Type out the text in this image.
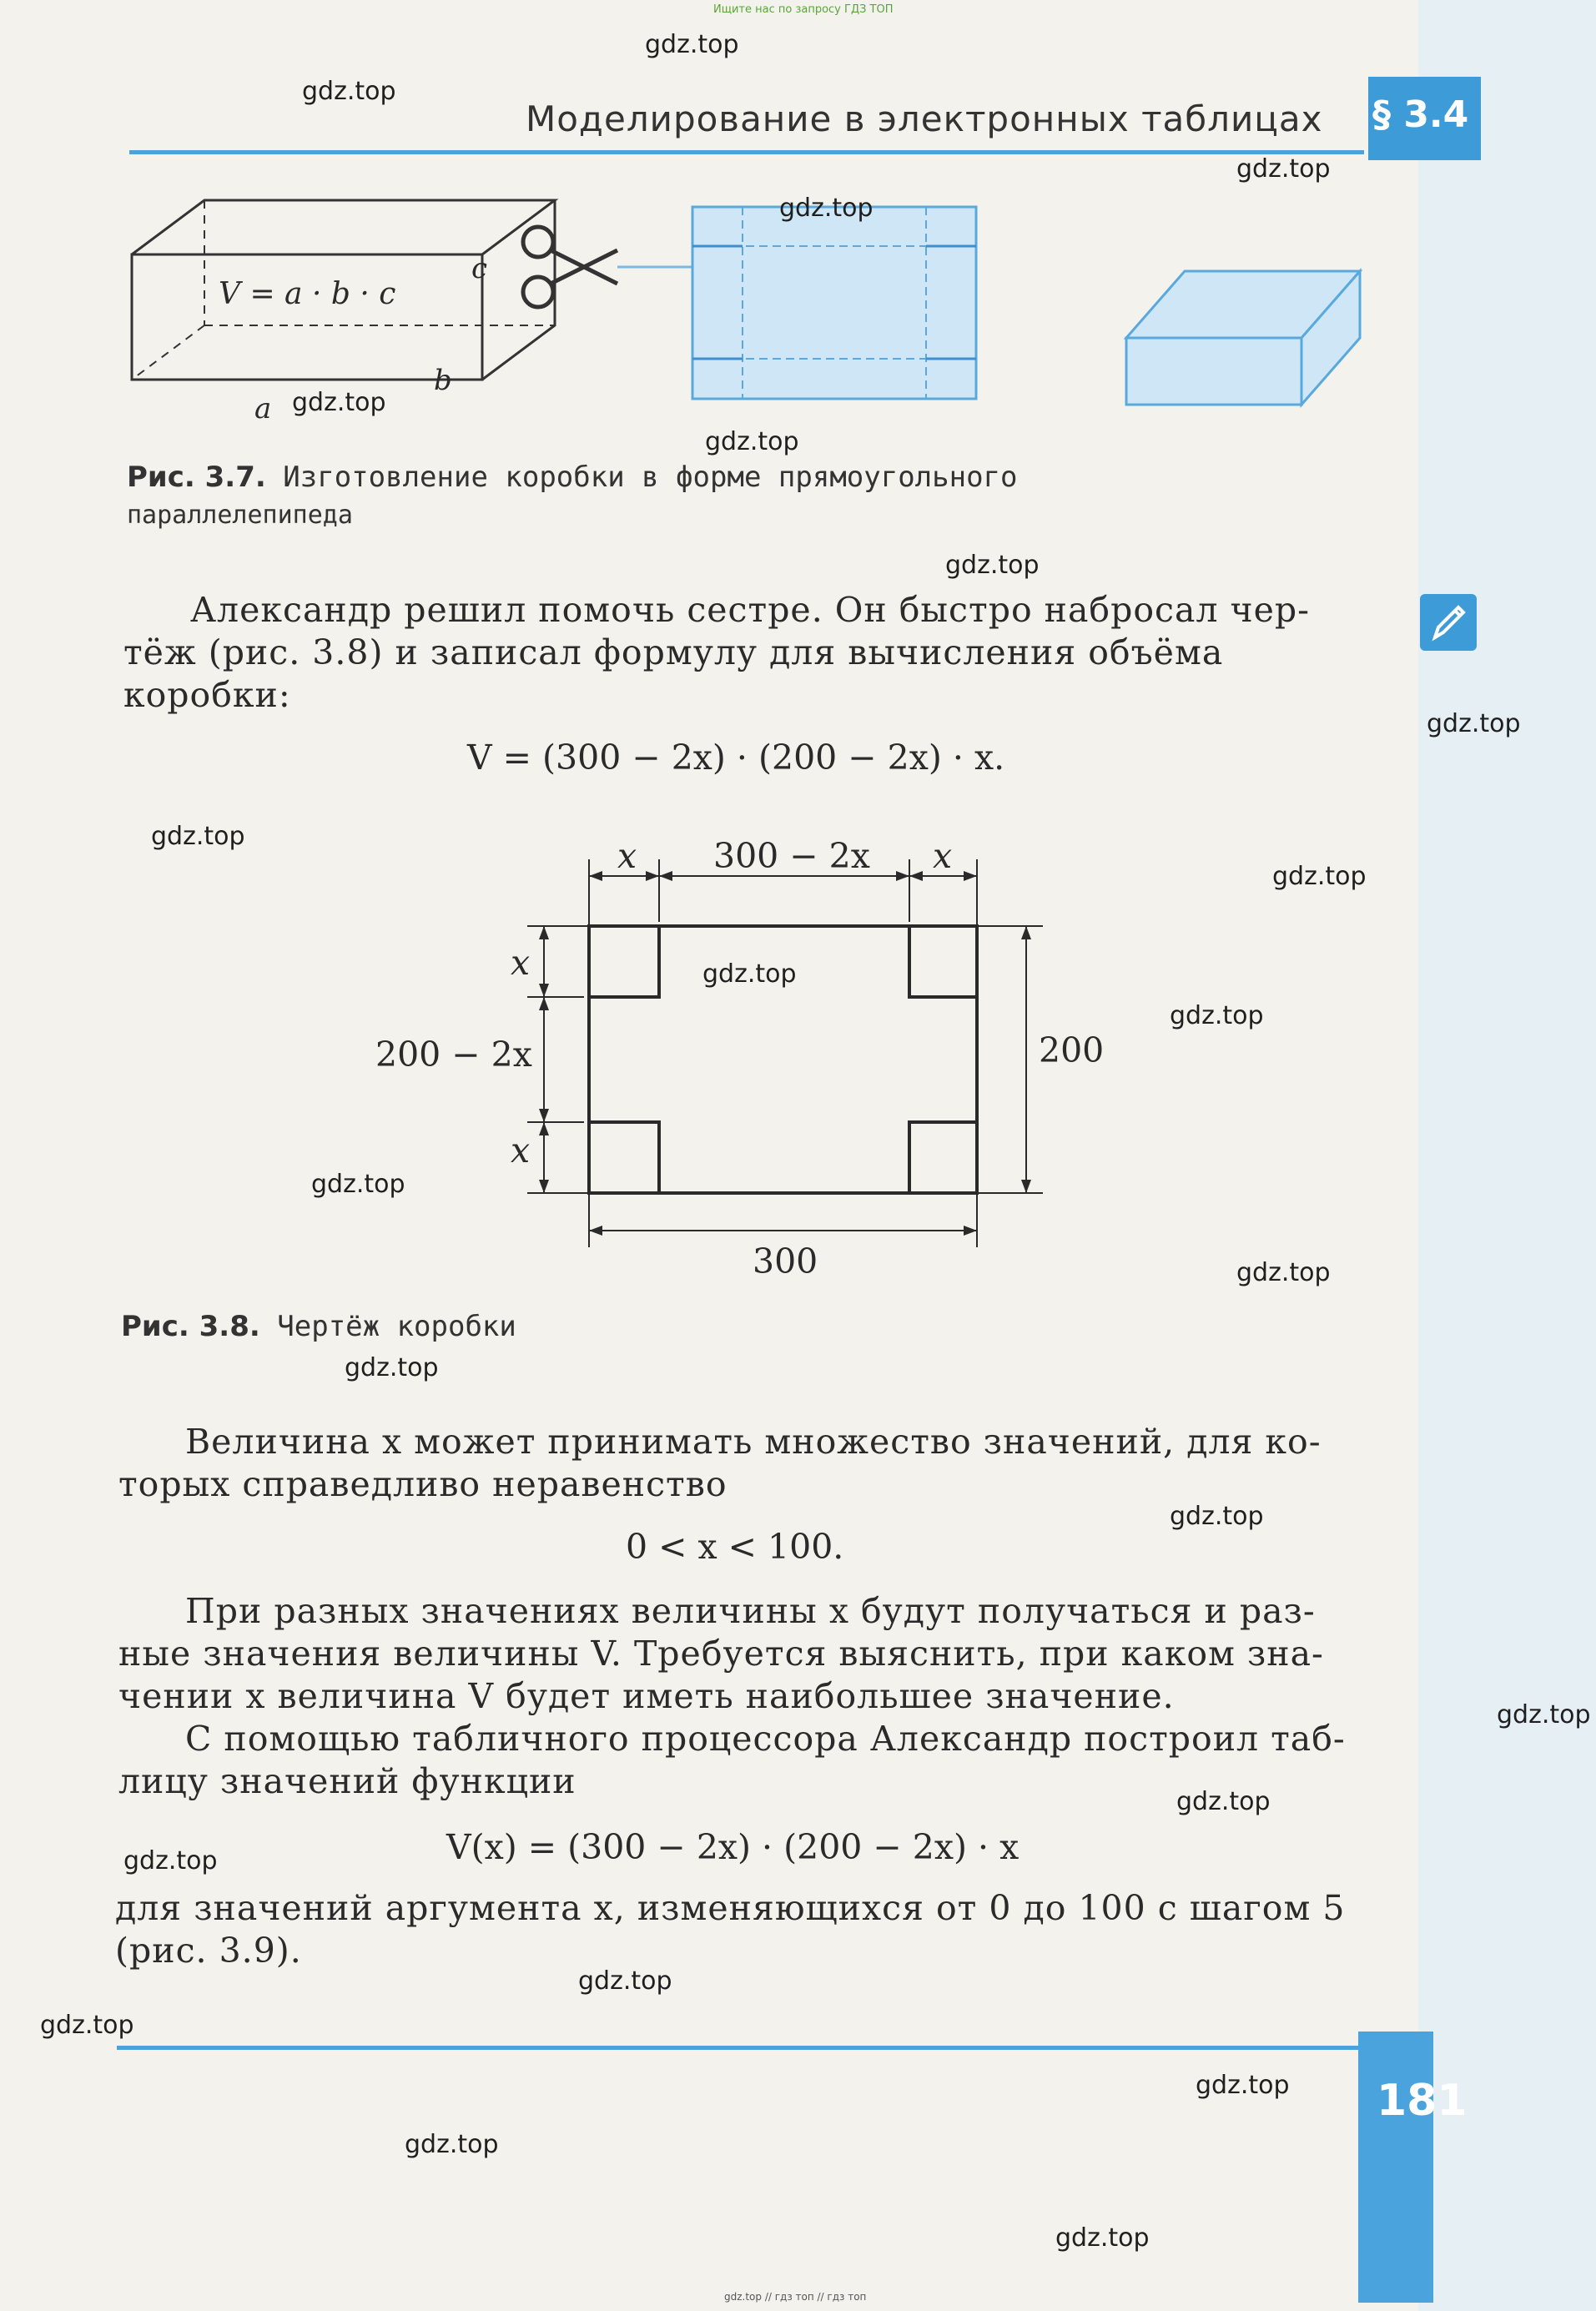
Ищите нас по запросу ГДЗ ТОП
Моделирование в электронных таблицах § 3.4
V = a · b · c
c
b
a
Рис. 3.7. Изготовление коробки в форме прямоугольного
параллелепипеда
Александр решил помочь сестре. Он быстро набросал чер-
тёж (рис. 3.8) и записал формулу для вычисления объёма
коробки:
V = (300 − 2x) · (200 − 2x) · x.
x 300 − 2x x
x
200 − 2x
x
200
300
Рис. 3.8. Чертёж коробки
Величина x может принимать множество значений, для ко-
торых справедливо неравенство
0 < x < 100.
При разных значениях величины x будут получаться и раз-
ные значения величины V. Требуется выяснить, при каком зна-
чении x величина V будет иметь наибольшее значение.
С помощью табличного процессора Александр построил таб-
лицу значений функции
V(x) = (300 − 2x) · (200 − 2x) · x
для значений аргумента x, изменяющихся от 0 до 100 с шагом 5
(рис. 3.9).
181
gdz.top // гдз топ // гдз топ
gdz.top
gdz.top
gdz.top
gdz.top
gdz.top
gdz.top
gdz.top
gdz.top
gdz.top
gdz.top
gdz.top
gdz.top
gdz.top
gdz.top
gdz.top
gdz.top
gdz.top
gdz.top
gdz.top
gdz.top
gdz.top
gdz.top
gdz.top
gdz.top
